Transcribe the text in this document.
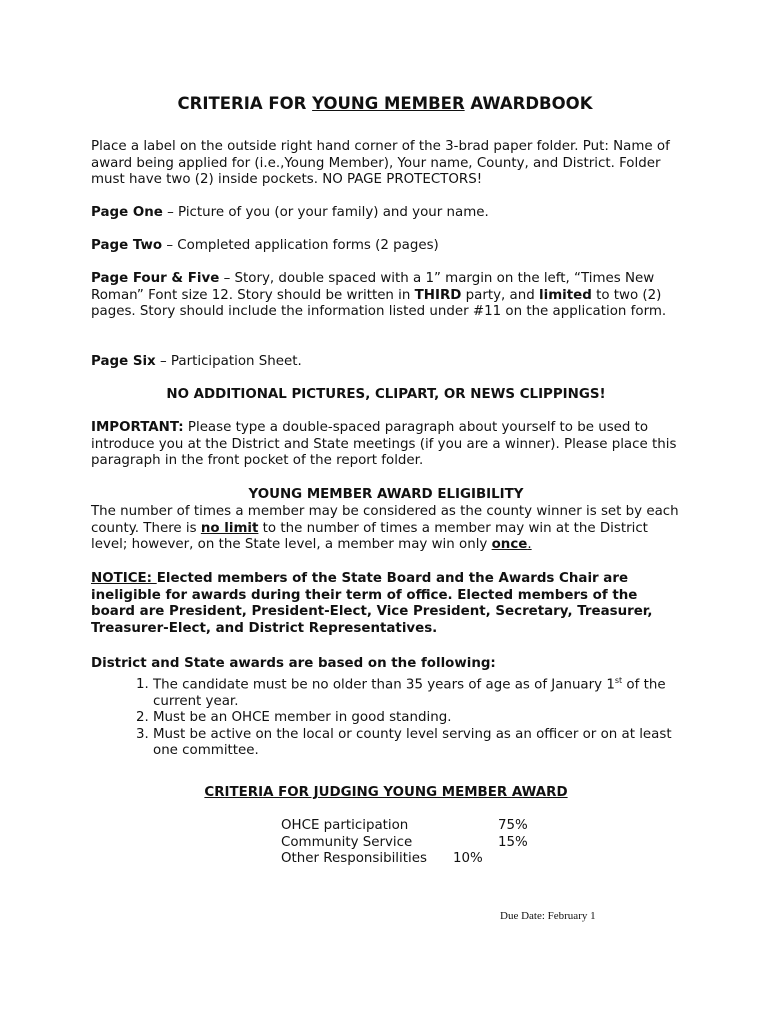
CRITERIA FOR YOUNG MEMBER AWARDBOOK
Place a label on the outside right hand corner of the 3-brad paper folder. Put: Name of award being applied for (i.e.,Young Member), Your name, County, and District. Folder must have two (2) inside pockets. NO PAGE PROTECTORS!
Page One – Picture of you (or your family) and your name.
Page Two – Completed application forms (2 pages)
Page Four & Five – Story, double spaced with a 1” margin on the left, “Times New Roman” Font size 12. Story should be written in THIRD party, and limited to two (2) pages. Story should include the information listed under #11 on the application form.
Page Six – Participation Sheet.
NO ADDITIONAL PICTURES, CLIPART, OR NEWS CLIPPINGS!
IMPORTANT: Please type a double-spaced paragraph about yourself to be used to introduce you at the District and State meetings (if you are a winner). Please place this paragraph in the front pocket of the report folder.
YOUNG MEMBER AWARD ELIGIBILITY
The number of times a member may be considered as the county winner is set by each county. There is no limit to the number of times a member may win at the District level; however, on the State level, a member may win only once.
NOTICE: Elected members of the State Board and the Awards Chair are ineligible for awards during their term of office. Elected members of the board are President, President-Elect, Vice President, Secretary, Treasurer, Treasurer-Elect, and District Representatives.
District and State awards are based on the following:
1. The candidate must be no older than 35 years of age as of January 1st of the current year.
2. Must be an OHCE member in good standing.
3. Must be active on the local or county level serving as an officer or on at least one committee.
CRITERIA FOR JUDGING YOUNG MEMBER AWARD
OHCE participation	75%
Community Service	15%
Other Responsibilities	10%
Due Date: February 1
